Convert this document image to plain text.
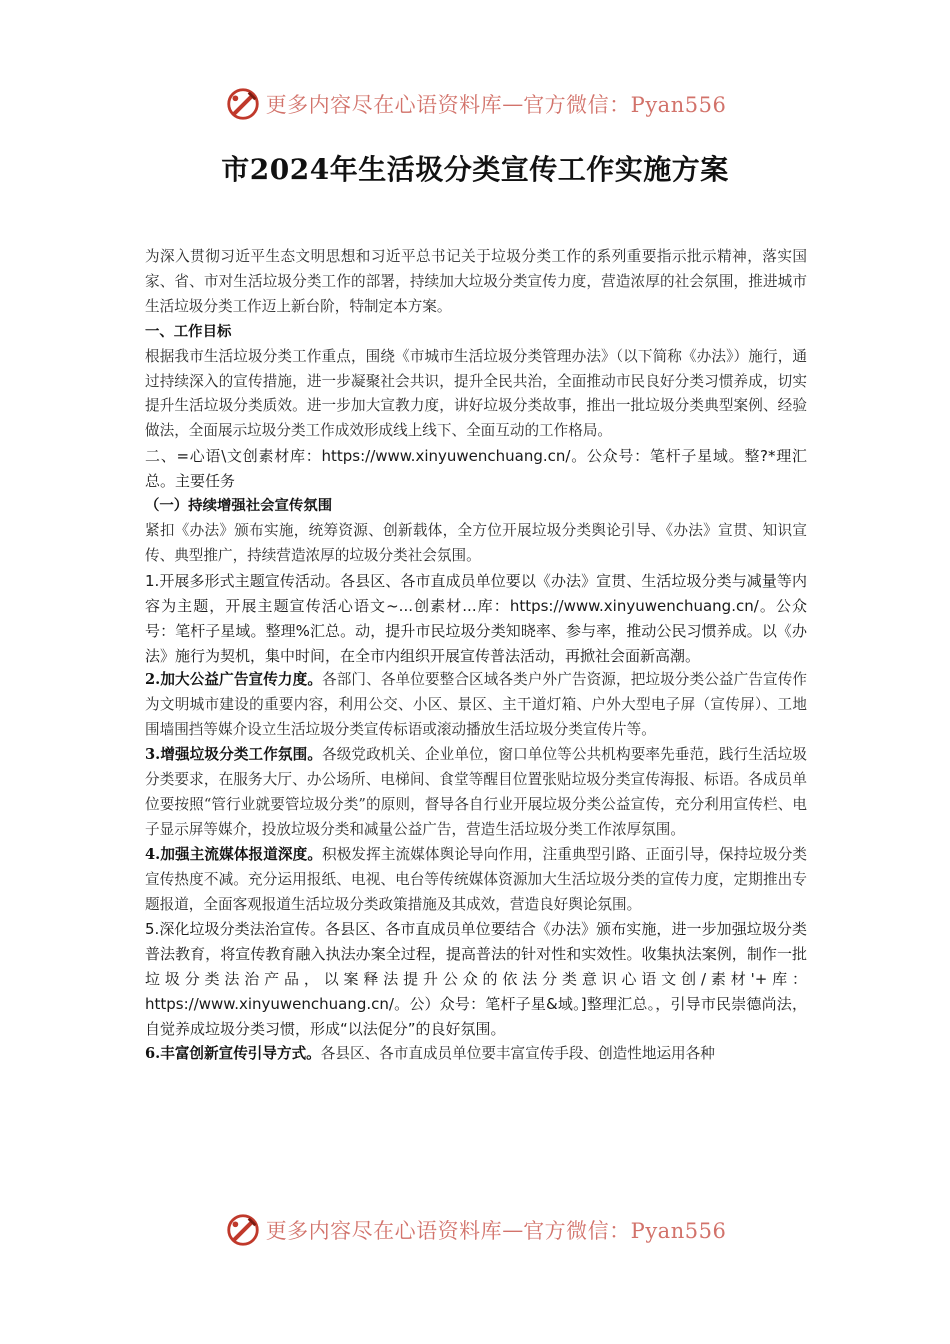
更多内容尽在心语资料库 — 官方微信：Pyan556
市2024年生活圾分类宣传工作实施方案

为深入贯彻习近平生态文明思想和习近平总书记关于垃圾分类工作的系列重要指示批示精神，落实国家、省、市对生活垃圾分类工作的部署，持续加大垃圾分类宣传力度，营造浓厚的社会氛围，推进城市生活垃圾分类工作迈上新台阶，特制定本方案。

一、工作目标

根据我市生活垃圾分类工作重点，围绕《市城市生活垃圾分类管理办法》（以下简称《办法》）施行，通过持续深入的宣传措施，进一步凝聚社会共识，提升全民共治，全面推动市民良好分类习惯养成，切实提升生活垃圾分类质效。进一步加大宣教力度，讲好垃圾分类故事，推出一批垃圾分类典型案例、经验做法，全面展示垃圾分类工作成效形成线上线下、全面互动的工作格局。

二、=心语\文创素材库：https://www.xinyuwenchuang.cn/。公众号：笔杆子星域。整?*理汇总。主要任务

（一）持续增强社会宣传氛围

紧扣《办法》颁布实施，统筹资源、创新载体，全方位开展垃圾分类舆论引导、《办法》宣贯、知识宣传、典型推广，持续营造浓厚的垃圾分类社会氛围。

1.开展多形式主题宣传活动。各县区、各市直成员单位要以《办法》宣贯、生活垃圾分类与减量等内容为主题，开展主题宣传活心语文~...创素材...库：https://www.xinyuwenchuang.cn/。公众号：笔杆子星域。整理%汇总。动，提升市民垃圾分类知晓率、参与率，推动公民习惯养成。以《办法》施行为契机，集中时间，在全市内组织开展宣传普法活动，再掀社会面新高潮。

2.加大公益广告宣传力度。各部门、各单位要整合区域各类户外广告资源，把垃圾分类公益广告宣传作为文明城市建设的重要内容，利用公交、小区、景区、主干道灯箱、户外大型电子屏（宣传屏）、工地围墙围挡等媒介设立生活垃圾分类宣传标语或滚动播放生活垃圾分类宣传片等。

3.增强垃圾分类工作氛围。各级党政机关、企业单位，窗口单位等公共机构要率先垂范，践行生活垃圾分类要求，在服务大厅、办公场所、电梯间、食堂等醒目位置张贴垃圾分类宣传海报、标语。各成员单位要按照“管行业就要管垃圾分类”的原则，督导各自行业开展垃圾分类公益宣传，充分利用宣传栏、电子显示屏等媒介，投放垃圾分类和减量公益广告，营造生活垃圾分类工作浓厚氛围。

4.加强主流媒体报道深度。积极发挥主流媒体舆论导向作用，注重典型引路、正面引导，保持垃圾分类宣传热度不减。充分运用报纸、电视、电台等传统媒体资源加大生活垃圾分类的宣传力度，定期推出专题报道，全面客观报道生活垃圾分类政策措施及其成效，营造良好舆论氛围。

5.深化垃圾分类法治宣传。各县区、各市直成员单位要结合《办法》颁布实施，进一步加强垃圾分类普法教育，将宣传教育融入执法办案全过程，提高普法的针对性和实效性。收集执法案例，制作一批垃圾分类法治产品，以案释法提升公众的依法分类意识心语文创/素材'+库：https://www.xinyuwenchuang.cn/。公）众号：笔杆子星&域。]整理汇总。，引导市民崇德尚法，自觉养成垃圾分类习惯，形成“以法促分”的良好氛围。

6.丰富创新宣传引导方式。各县区、各市直成员单位要丰富宣传手段、创造性地运用各种

更多内容尽在心语资料库 — 官方微信：Pyan556
